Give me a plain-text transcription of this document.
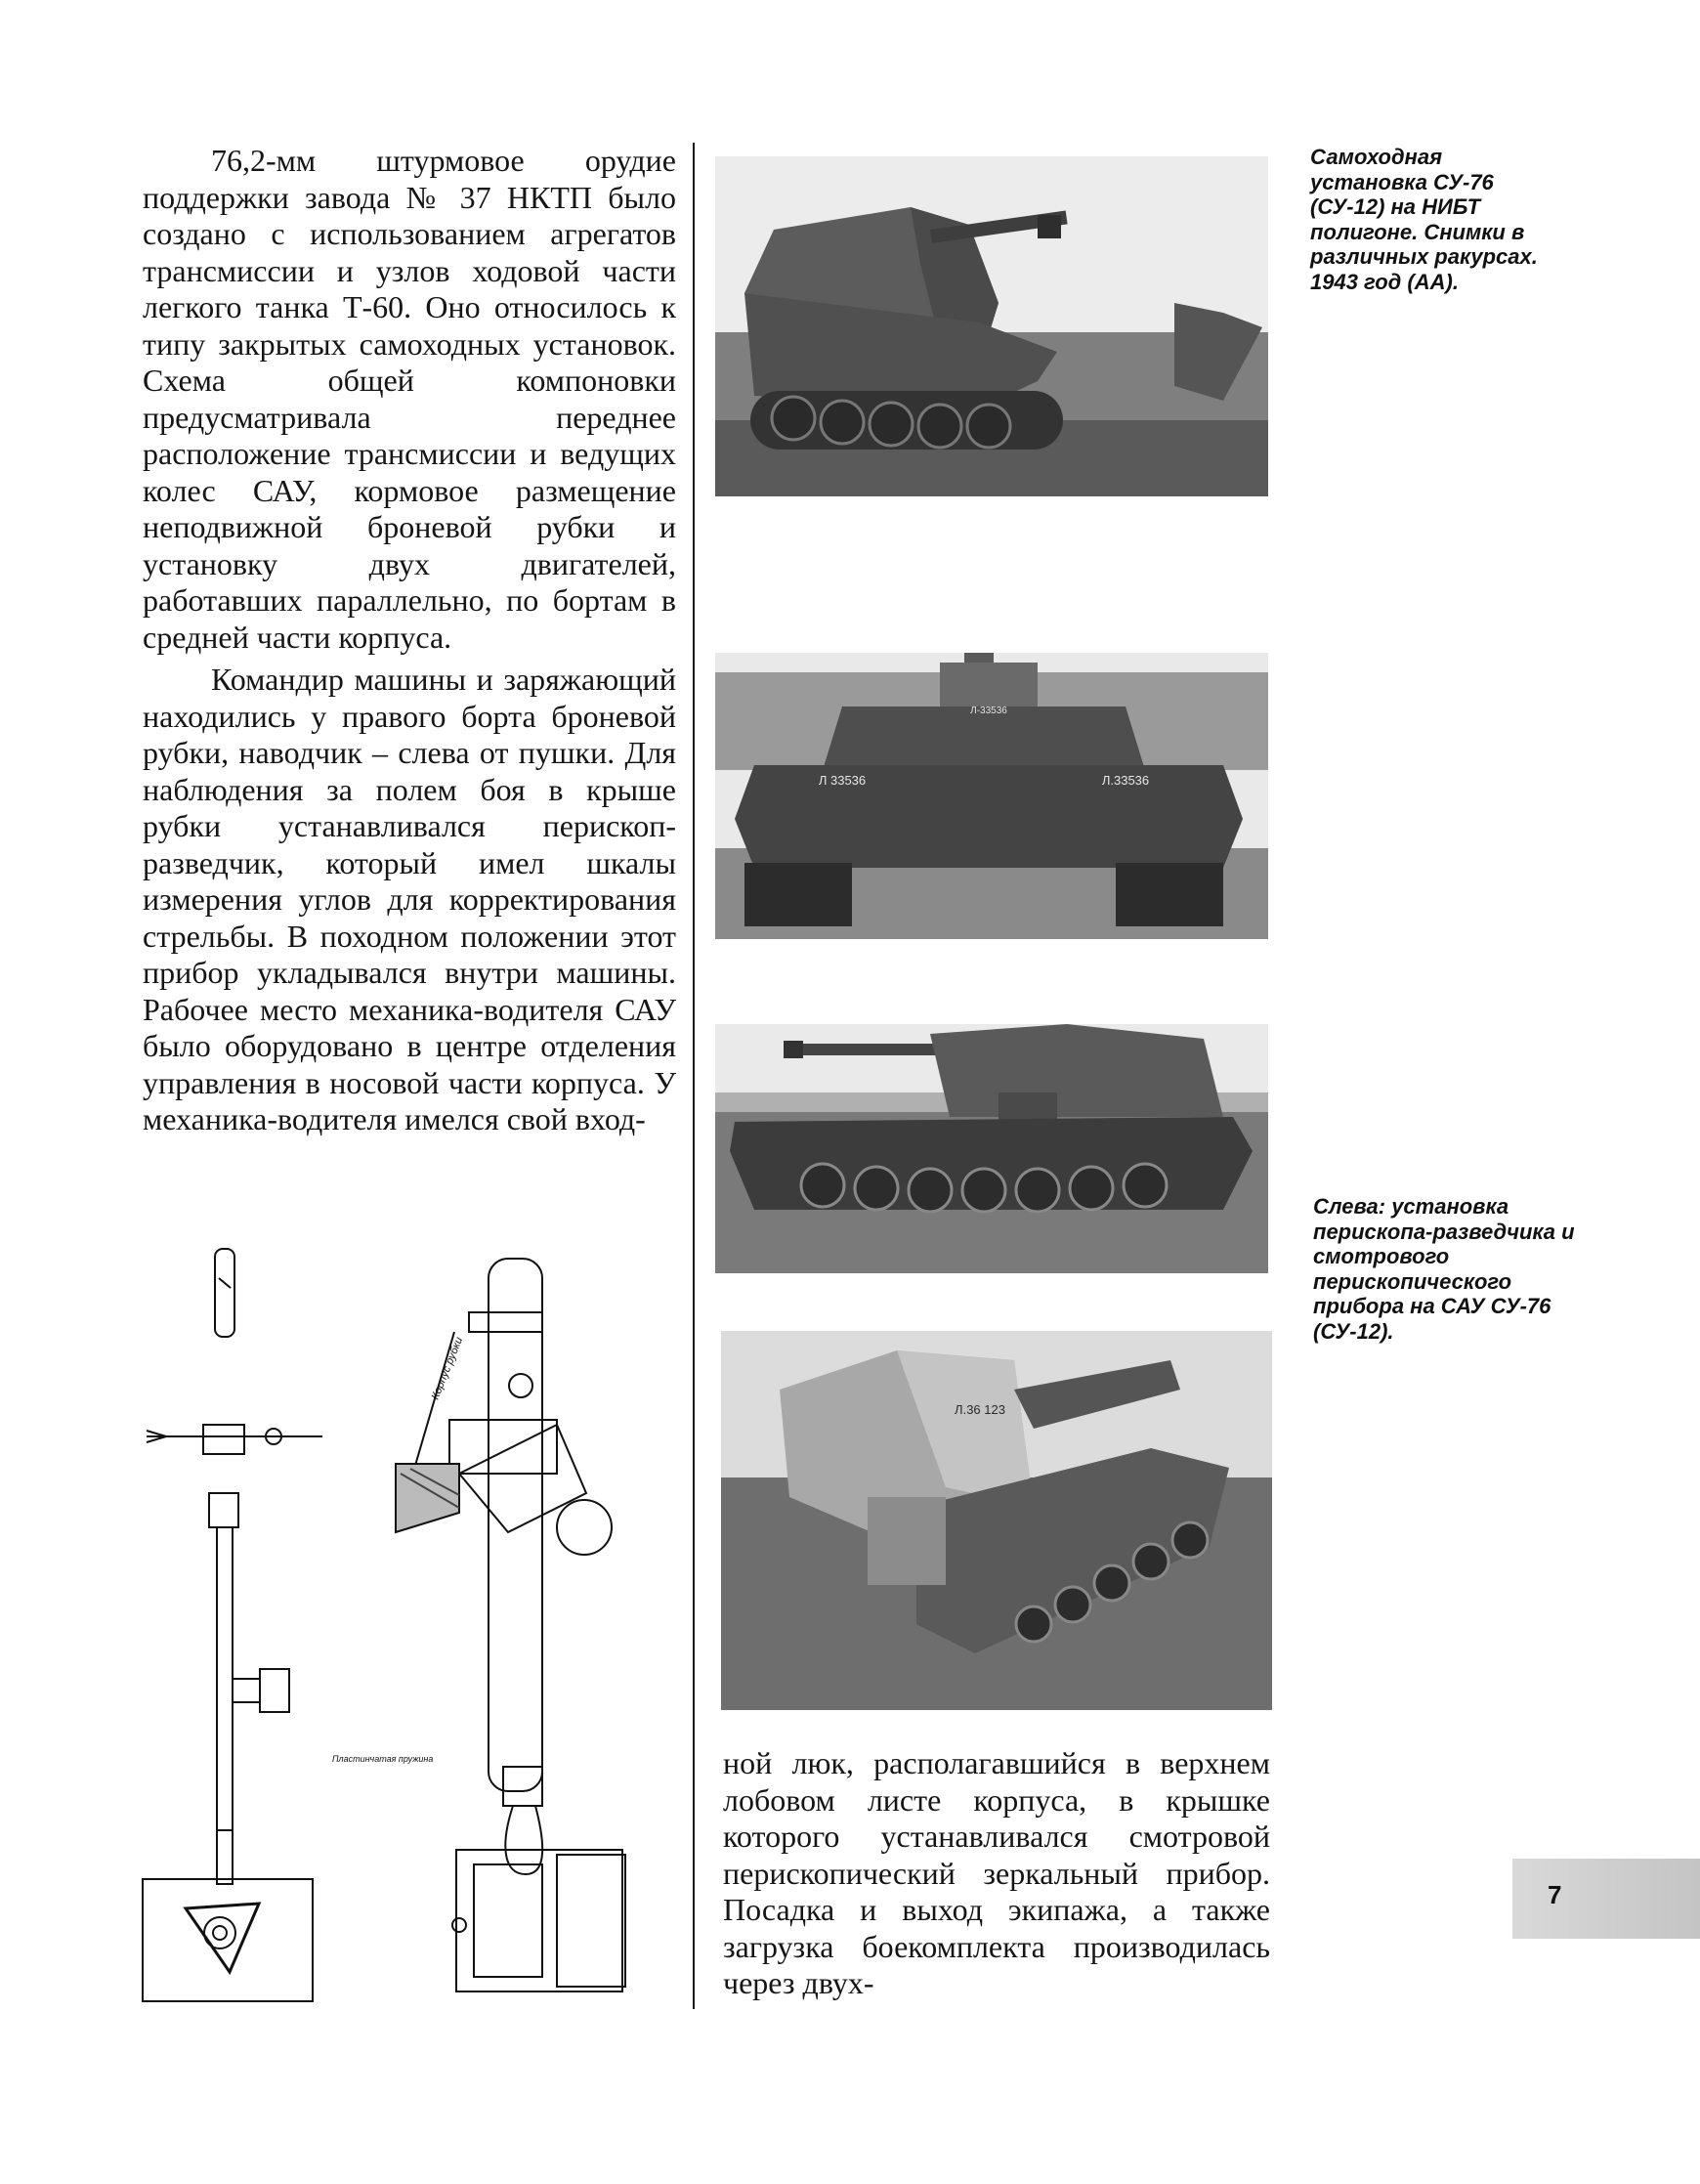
76,2-мм штурмовое орудие поддержки завода № 37 НКТП было создано с использованием агрегатов трансмиссии и узлов ходовой части легкого танка Т-60. Оно относилось к типу закрытых самоходных установок. Схема общей компоновки предусматривала переднее расположение трансмиссии и ведущих колес САУ, кормовое размещение неподвижной броневой рубки и установку двух двигателей, работавших параллельно, по бортам в средней части корпуса.

Командир машины и заряжающий находились у правого борта броневой рубки, наводчик – слева от пушки. Для наблюдения за полем боя в крыше рубки устанавливался перископ-разведчик, который имел шкалы измерения углов для корректирования стрельбы. В походном положении этот прибор укладывался внутри машины. Рабочее место механика-водителя САУ было оборудовано в центре отделения управления в носовой части корпуса. У механика-водителя имелся свой вход-

Л-33536
Л 33536	Л.33536
Л.36 123

Самоходная установка СУ-76 (СУ-12) на НИБТ полигоне. Снимки в различных ракурсах. 1943 год (АА).

Слева: установка перископа-разведчика и смотрового перископического прибора на САУ СУ-76 (СУ-12).

Корпус рубки
Пластинчатая пружина	ной люк, располагавшийся в верхнем лобовом листе корпуса, в крышке которого устанавливался смотровой перископический зеркальный прибор. Посадка и выход экипажа, а также загрузка боекомплекта производилась через двух-

7
